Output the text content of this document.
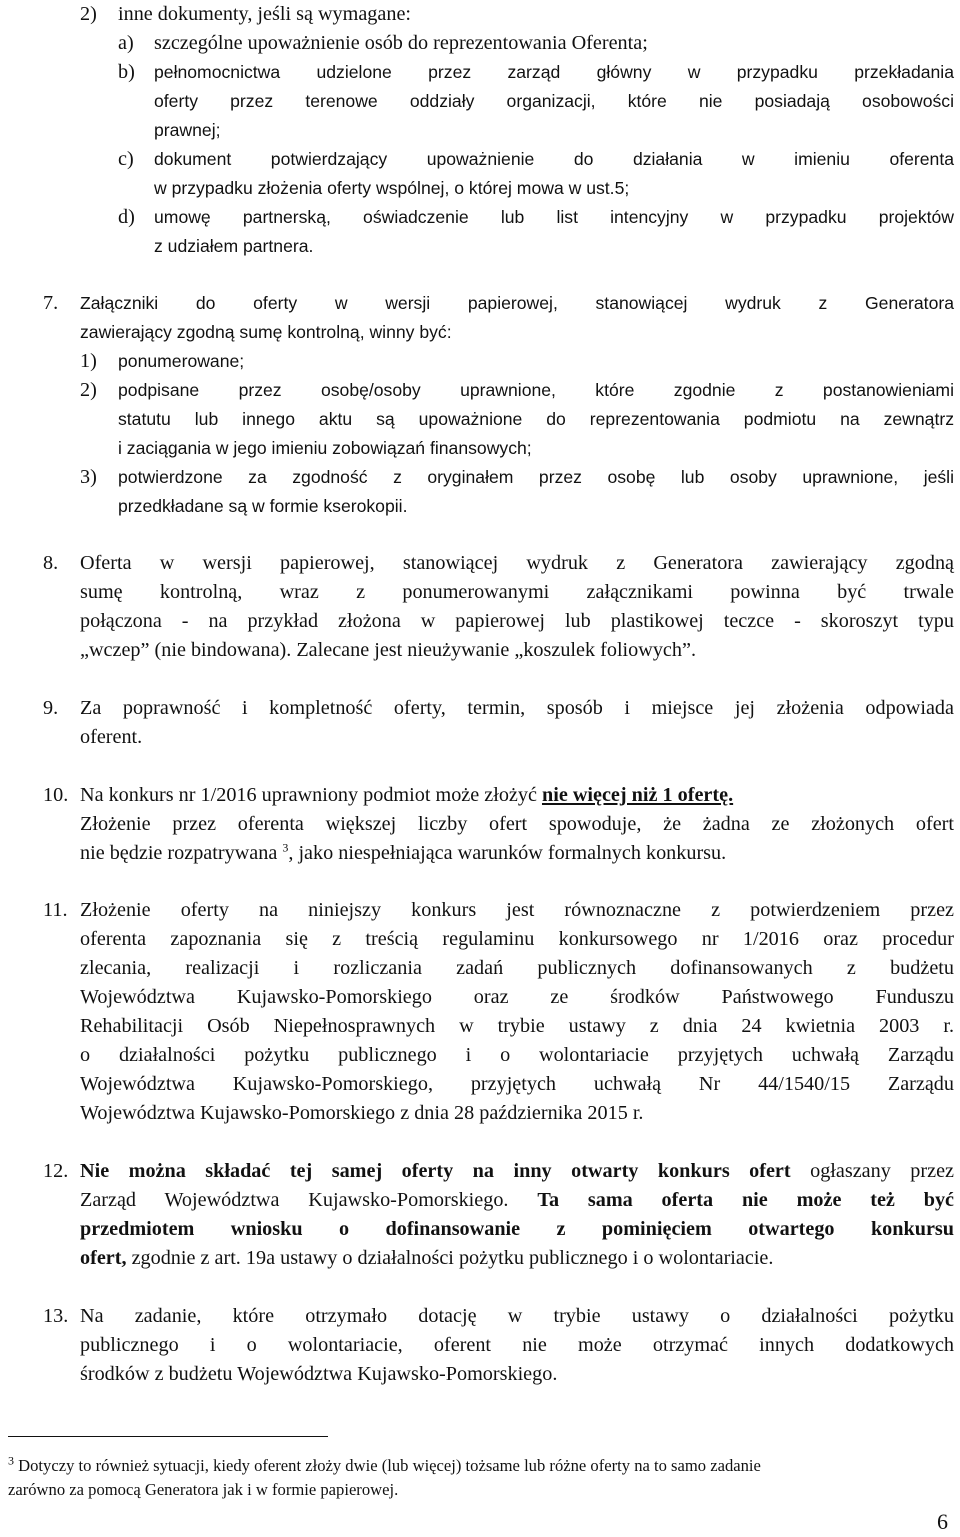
2) inne dokumenty, jeśli są wymagane:
a) szczególne upoważnienie osób do reprezentowania Oferenta;
b) pełnomocnictwa udzielone przez zarząd główny w przypadku przekładania
oferty przez terenowe oddziały organizacji, które nie posiadają osobowości
prawnej;
c) dokument potwierdzający upoważnienie do działania w imieniu oferenta
w przypadku złożenia oferty wspólnej, o której mowa w ust.5;
d) umowę partnerską, oświadczenie lub list intencyjny w przypadku projektów
z udziałem partnera.
7. Załączniki do oferty w wersji papierowej, stanowiącej wydruk z Generatora
zawierający zgodną sumę kontrolną, winny być:
1) ponumerowane;
2) podpisane przez osobę/osoby uprawnione, które zgodnie z postanowieniami
statutu lub innego aktu są upoważnione do reprezentowania podmiotu na zewnątrz
i zaciągania w jego imieniu zobowiązań finansowych;
3) potwierdzone za zgodność z oryginałem przez osobę lub osoby uprawnione, jeśli
przedkładane są w formie kserokopii.
8. Oferta w wersji papierowej, stanowiącej wydruk z Generatora zawierający zgodną
sumę kontrolną, wraz z ponumerowanymi załącznikami powinna być trwale
połączona - na przykład złożona w papierowej lub plastikowej teczce - skoroszyt typu
„wczep” (nie bindowana). Zalecane jest nieużywanie „koszulek foliowych”.
9. Za poprawność i kompletność oferty, termin, sposób i miejsce jej złożenia odpowiada
oferent.
10. Na konkurs nr 1/2016 uprawniony podmiot może złożyć nie więcej niż 1 ofertę.
Złożenie przez oferenta większej liczby ofert spowoduje, że żadna ze złożonych ofert
nie będzie rozpatrywana $^3$, jako niespełniająca warunków formalnych konkursu.
11. Złożenie oferty na niniejszy konkurs jest równoznaczne z potwierdzeniem przez
oferenta zapoznania się z treścią regulaminu konkursowego nr 1/2016 oraz procedur
zlecania, realizacji i rozliczania zadań publicznych dofinansowanych z budżetu
Województwa Kujawsko-Pomorskiego oraz ze środków Państwowego Funduszu
Rehabilitacji Osób Niepełnosprawnych w trybie ustawy z dnia 24 kwietnia 2003 r.
o działalności pożytku publicznego i o wolontariacie przyjętych uchwałą Zarządu
Województwa Kujawsko-Pomorskiego, przyjętych uchwałą Nr 44/1540/15 Zarządu
Województwa Kujawsko-Pomorskiego z dnia 28 października 2015 r.
12. Nie można składać tej samej oferty na inny otwarty konkurs ofert ogłaszany przez
Zarząd Województwa Kujawsko-Pomorskiego. Ta sama oferta nie może też być
przedmiotem wniosku o dofinansowanie z pominięciem otwartego konkursu
ofert, zgodnie z art. 19a ustawy o działalności pożytku publicznego i o wolontariacie.
13. Na zadanie, które otrzymało dotację w trybie ustawy o działalności pożytku
publicznego i o wolontariacie, oferent nie może otrzymać innych dodatkowych
środków z budżetu Województwa Kujawsko-Pomorskiego.
$^3$ Dotyczy to również sytuacji, kiedy oferent złoży dwie (lub więcej) tożsame lub różne oferty na to samo zadanie
zarówno za pomocą Generatora jak i w formie papierowej.
6
